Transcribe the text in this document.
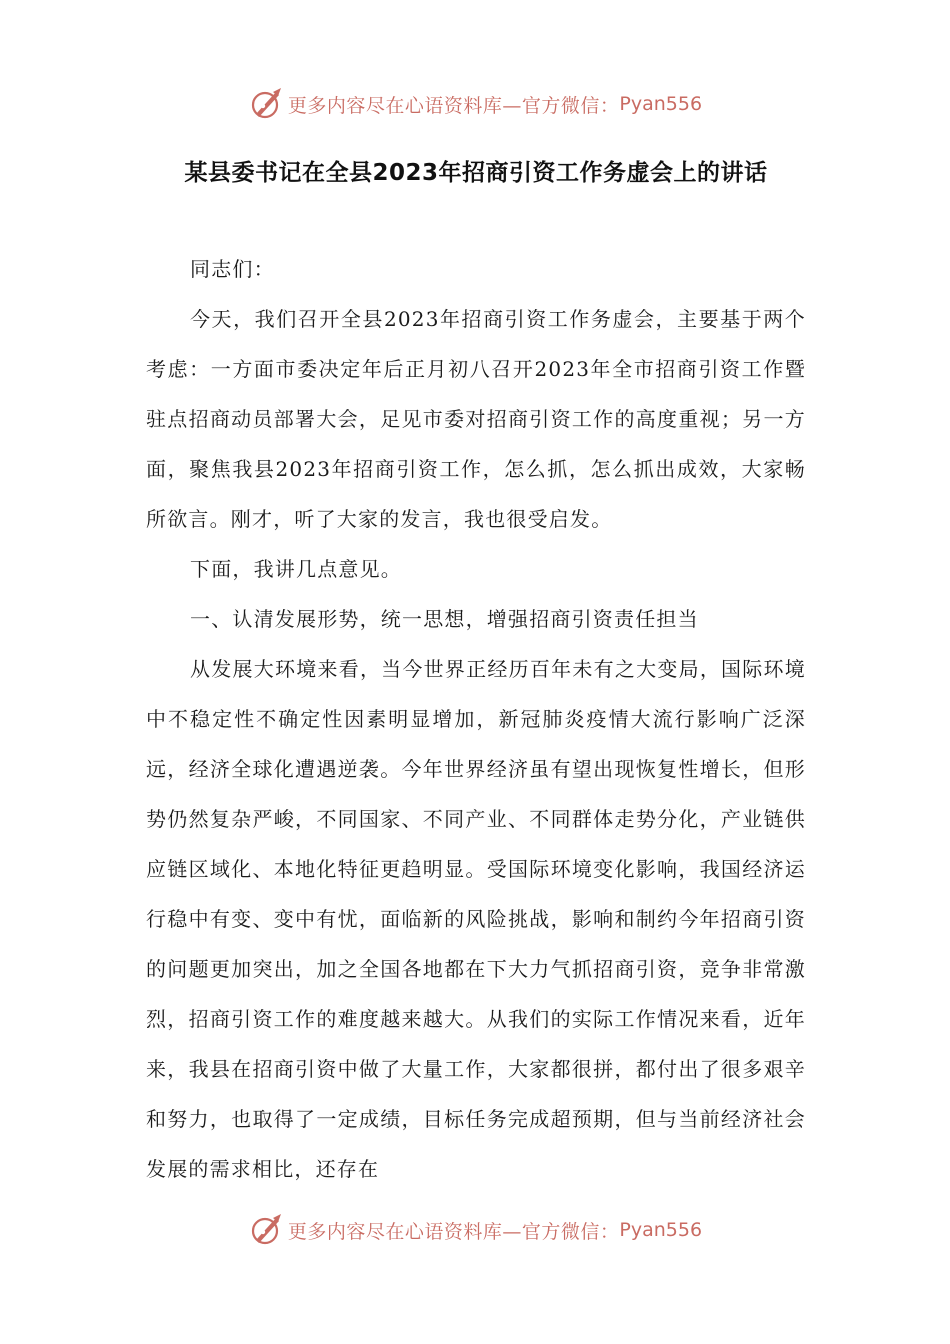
更多内容尽在心语资料库—官方微信： Pyan556
某县委书记在全县2023年招商引资工作务虚会上的讲话

同志们：

今天，我们召开全县2023年招商引资工作务虚会，主要基于两个考虑：一方面市委决定年后正月初八召开2023年全市招商引资工作暨驻点招商动员部署大会，足见市委对招商引资工作的高度重视；另一方面，聚焦我县2023年招商引资工作，怎么抓，怎么抓出成效，大家畅所欲言。刚才，听了大家的发言，我也很受启发。

下面，我讲几点意见。

一、认清发展形势，统一思想，增强招商引资责任担当

从发展大环境来看，当今世界正经历百年未有之大变局，国际环境中不稳定性不确定性因素明显增加，新冠肺炎疫情大流行影响广泛深远，经济全球化遭遇逆袭。今年世界经济虽有望出现恢复性增长，但形势仍然复杂严峻，不同国家、不同产业、不同群体走势分化，产业链供应链区域化、本地化特征更趋明显。受国际环境变化影响，我国经济运行稳中有变、变中有忧，面临新的风险挑战，影响和制约今年招商引资的问题更加突出，加之全国各地都在下大力气抓招商引资，竞争非常激烈，招商引资工作的难度越来越大。从我们的实际工作情况来看，近年来，我县在招商引资中做了大量工作，大家都很拼，都付出了很多艰辛和努力，也取得了一定成绩，目标任务完成超预期，但与当前经济社会发展的需求相比，还存在

更多内容尽在心语资料库—官方微信： Pyan556
